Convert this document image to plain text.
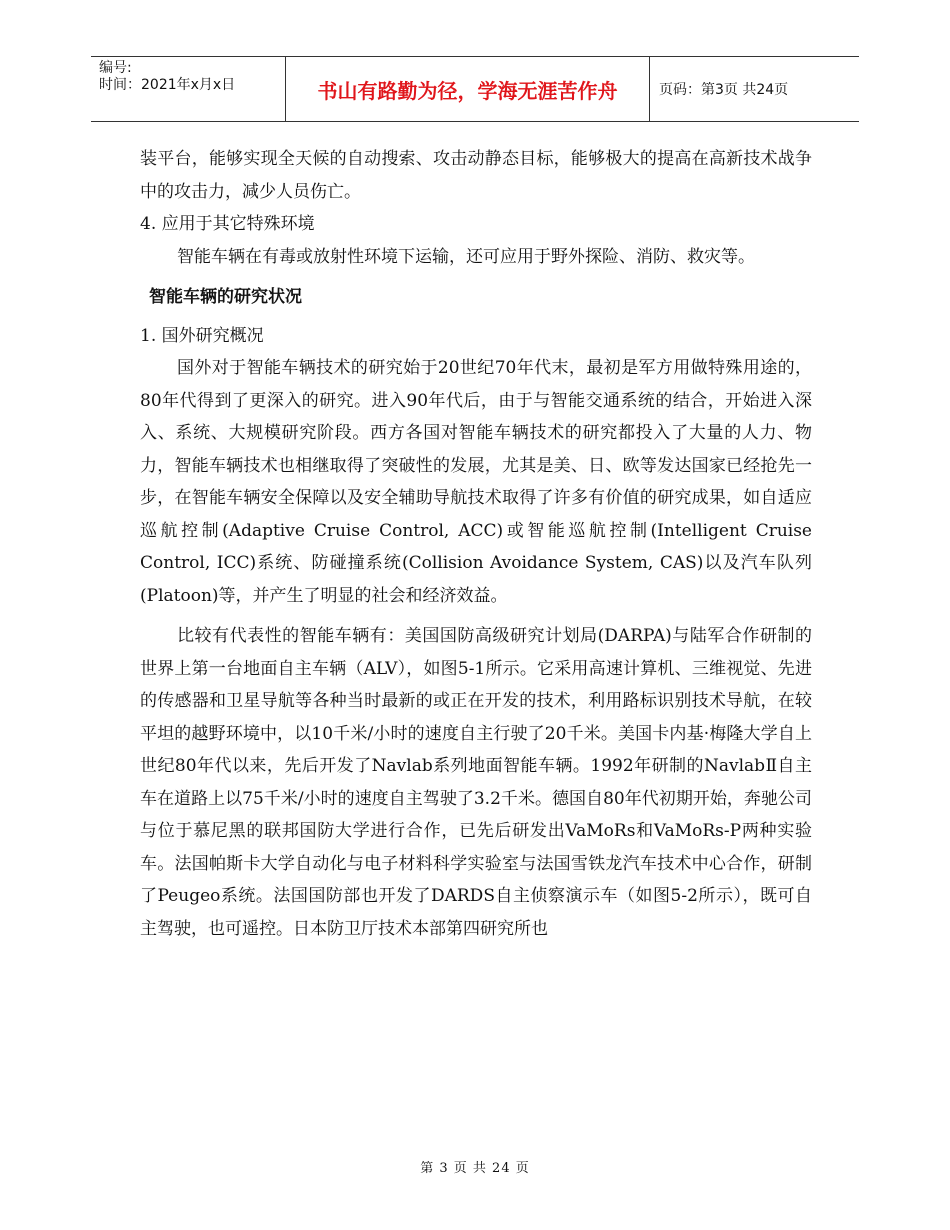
编号:
时间：2021年x月x日	书山有路勤为径，学海无涯苦作舟	页码：第3页 共24页

装平台，能够实现全天候的自动搜索、攻击动静态目标，能够极大的提高在高新技术战争中的攻击力，减少人员伤亡。

4. 应用于其它特殊环境

智能车辆在有毒或放射性环境下运输，还可应用于野外探险、消防、救灾等。

智能车辆的研究状况

1. 国外研究概况

国外对于智能车辆技术的研究始于20世纪70年代末，最初是军方用做特殊用途的，80年代得到了更深入的研究。进入90年代后，由于与智能交通系统的结合，开始进入深入、系统、大规模研究阶段。西方各国对智能车辆技术的研究都投入了大量的人力、物力，智能车辆技术也相继取得了突破性的发展，尤其是美、日、欧等发达国家已经抢先一步，在智能车辆安全保障以及安全辅助导航技术取得了许多有价值的研究成果，如自适应巡航控制(Adaptive Cruise Control, ACC)或智能巡航控制(Intelligent Cruise Control, ICC)系统、防碰撞系统(Collision Avoidance System, CAS)以及汽车队列(Platoon)等，并产生了明显的社会和经济效益。

比较有代表性的智能车辆有：美国国防高级研究计划局(DARPA)与陆军合作研制的世界上第一台地面自主车辆（ALV），如图5-1所示。它采用高速计算机、三维视觉、先进的传感器和卫星导航等各种当时最新的或正在开发的技术，利用路标识别技术导航，在较平坦的越野环境中，以10千米/小时的速度自主行驶了20千米。美国卡内基·梅隆大学自上世纪80年代以来，先后开发了Navlab系列地面智能车辆。1992年研制的NavlabⅡ自主车在道路上以75千米/小时的速度自主驾驶了3.2千米。德国自80年代初期开始，奔驰公司与位于慕尼黑的联邦国防大学进行合作，已先后研发出VaMoRs和VaMoRs-P两种实验车。法国帕斯卡大学自动化与电子材料科学实验室与法国雪铁龙汽车技术中心合作，研制了Peugeo系统。法国国防部也开发了DARDS自主侦察演示车（如图5-2所示），既可自主驾驶，也可遥控。日本防卫厅技术本部第四研究所也

第 3 页 共 24 页
